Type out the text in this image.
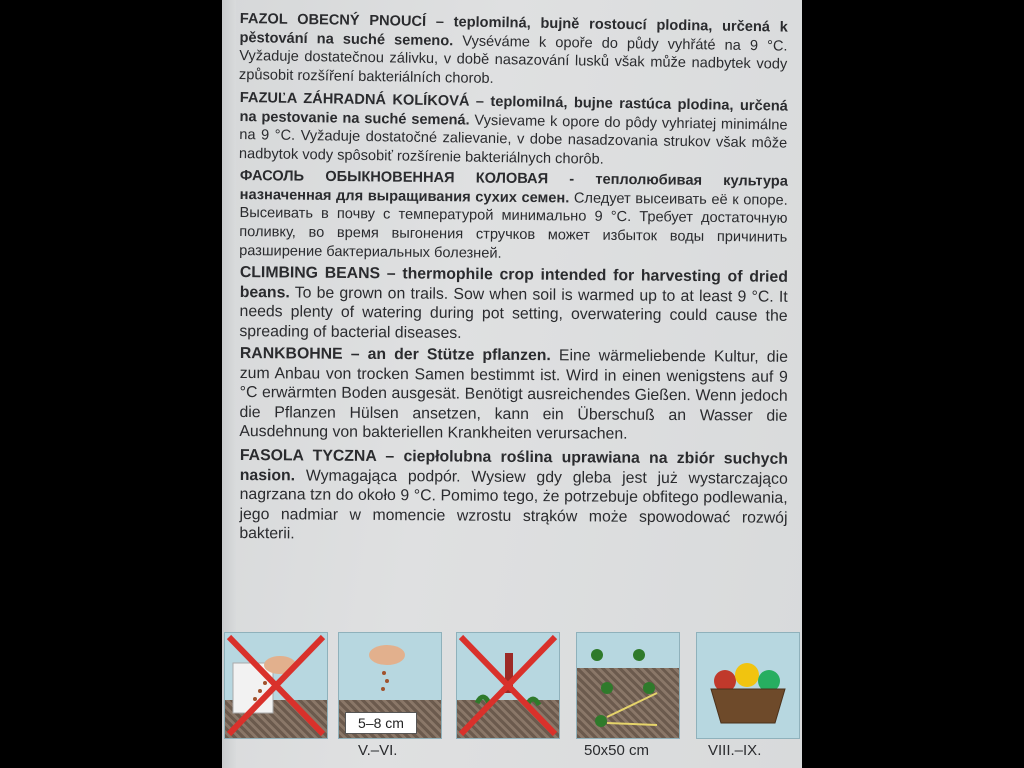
FAZOL OBECNÝ PNOUCÍ – teplomilná, bujně rostoucí plodina, určená k pěstování na suché semeno. Vyséváme k opoře do půdy vyhřáté na 9 °C. Vyžaduje dostatečnou zálivku, v době nasazování lusků však může nadbytek vody způsobit rozšíření bakteriálních chorob.

FAZUĽA ZÁHRADNÁ KOLÍKOVÁ – teplomilná, bujne rastúca plodina, určená na pestovanie na suché semená. Vysievame k opore do pôdy vyhriatej minimálne na 9 °C. Vyžaduje dostatočné zalievanie, v dobe nasadzovania strukov však môže nadbytok vody spôsobiť rozšírenie bakteriálnych chorôb.

ФАСОЛЬ ОБЫКНОВЕННАЯ КОЛОВАЯ - теплолюбивая культура назначенная для выращивания сухих семен. Следует высеивать её к опоре. Высеивать в почву с температурой минимально 9 °C. Требует достаточную поливку, во время выгонения стручков может избыток воды причинить разширение бактериальных болезней.

CLIMBING BEANS – thermophile crop intended for harvesting of dried beans. To be grown on trails. Sow when soil is warmed up to at least 9 °C. It needs plenty of watering during pot setting, overwatering could cause the spreading of bacterial diseases.

RANKBOHNE – an der Stütze pflanzen. Eine wärmeliebende Kultur, die zum Anbau von trocken Samen bestimmt ist. Wird in einen wenigstens auf 9 °C erwärmten Boden ausgesät. Benötigt ausreichendes Gießen. Wenn jedoch die Pflanzen Hülsen ansetzen, kann ein Überschuß an Wasser die Ausdehnung von bakteriellen Krankheiten verursachen.

FASOLA TYCZNA – ciepłolubna roślina uprawiana na zbiór suchych nasion. Wymagająca podpór. Wysiew gdy gleba jest już wystarczająco nagrzana tzn do około 9 °C. Pomimo tego, że potrzebuje obfitego podlewania, jego nadmiar w momencie wzrostu strąków może spowodować rozwój bakterii.

5–8 cm
V.–VI.	50x50 cm	VIII.–IX.
